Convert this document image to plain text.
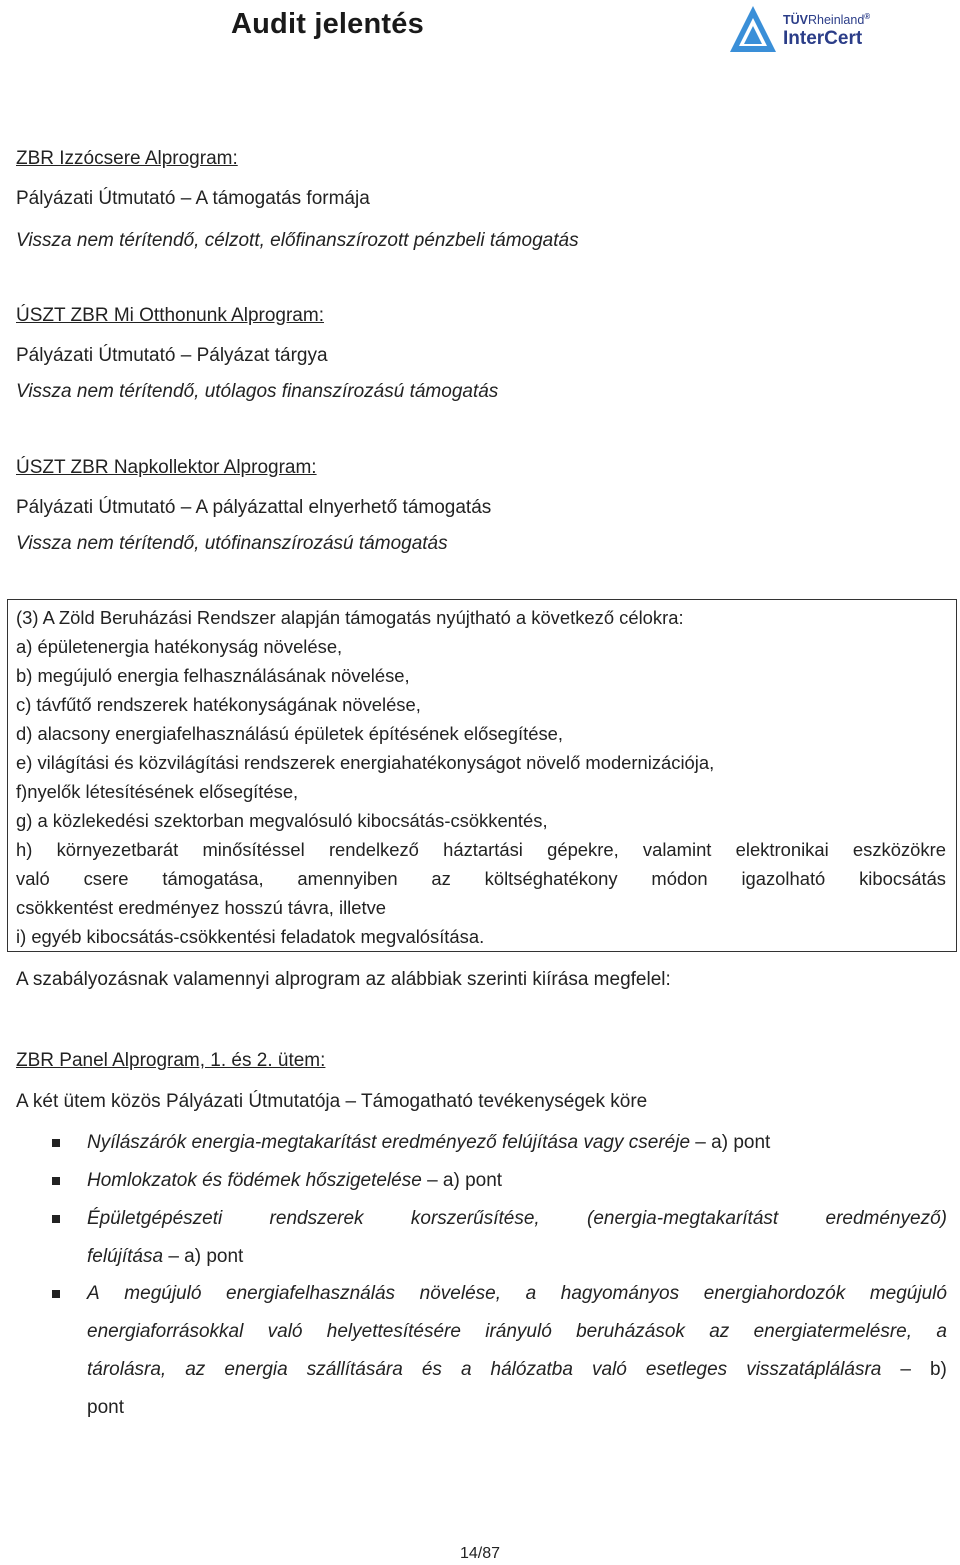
Audit jelentés	TÜVRheinland®
InterCert
ZBR Izzócsere Alprogram:
Pályázati Útmutató – A támogatás formája
Vissza nem térítendő, célzott, előfinanszírozott pénzbeli támogatás
ÚSZT ZBR Mi Otthonunk Alprogram:
Pályázati Útmutató – Pályázat tárgya
Vissza nem térítendő, utólagos finanszírozású támogatás
ÚSZT ZBR Napkollektor Alprogram:
Pályázati Útmutató – A pályázattal elnyerhető támogatás
Vissza nem térítendő, utófinanszírozású támogatás
(3) A Zöld Beruházási Rendszer alapján támogatás nyújtható a következő célokra:
a) épületenergia hatékonyság növelése,
b) megújuló energia felhasználásának növelése,
c) távfűtő rendszerek hatékonyságának növelése,
d) alacsony energiafelhasználású épületek építésének elősegítése,
e) világítási és közvilágítási rendszerek energiahatékonyságot növelő modernizációja,
f)nyelők létesítésének elősegítése,
g) a közlekedési szektorban megvalósuló kibocsátás-csökkentés,
h) környezetbarát minősítéssel rendelkező háztartási gépekre, valamint elektronikai eszközökre
való csere támogatása, amennyiben az költséghatékony módon igazolható kibocsátás
csökkentést eredményez hosszú távra, illetve
i) egyéb kibocsátás-csökkentési feladatok megvalósítása.
A szabályozásnak valamennyi alprogram az alábbiak szerinti kiírása megfelel:
ZBR Panel Alprogram, 1. és 2. ütem:
A két ütem közös Pályázati Útmutatója – Támogatható tevékenységek köre
Nyílászárók energia-megtakarítást eredményező felújítása vagy cseréje – a) pont
Homlokzatok és födémek hőszigetelése – a) pont
Épületgépészeti rendszerek korszerűsítése, (energia-megtakarítást eredményező)
felújítása – a) pont
A megújuló energiafelhasználás növelése, a hagyományos energiahordozók megújuló
energiaforrásokkal való helyettesítésére irányuló beruházások az energiatermelésre, a
tárolásra, az energia szállítására és a hálózatba való esetleges visszatáplálásra – b)
pont
14/87
